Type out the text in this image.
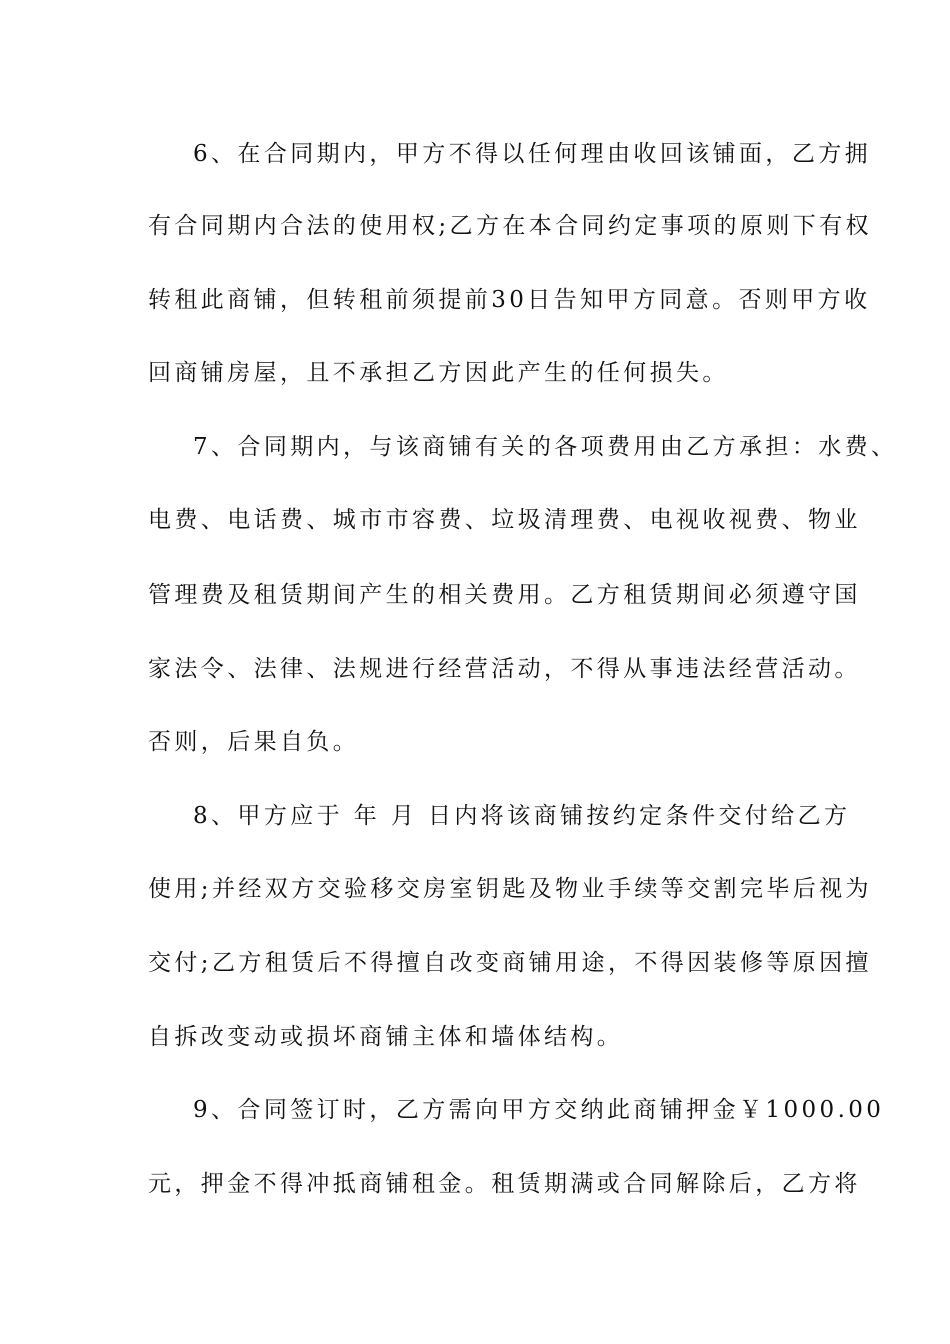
6、在合同期内，甲方不得以任何理由收回该铺面，乙方拥
有合同期内合法的使用权;乙方在本合同约定事项的原则下有权
转租此商铺，但转租前须提前30日告知甲方同意。否则甲方收
回商铺房屋，且不承担乙方因此产生的任何损失。
7、合同期内，与该商铺有关的各项费用由乙方承担：水费、
电费、电话费、城市市容费、垃圾清理费、电视收视费、物业
管理费及租赁期间产生的相关费用。乙方租赁期间必须遵守国
家法令、法律、法规进行经营活动，不得从事违法经营活动。
否则，后果自负。
8、甲方应于 年 月 日内将该商铺按约定条件交付给乙方
使用;并经双方交验移交房室钥匙及物业手续等交割完毕后视为
交付;乙方租赁后不得擅自改变商铺用途，不得因装修等原因擅
自拆改变动或损坏商铺主体和墙体结构。
9、合同签订时，乙方需向甲方交纳此商铺押金￥1000.00
元，押金不得冲抵商铺租金。租赁期满或合同解除后，乙方将
